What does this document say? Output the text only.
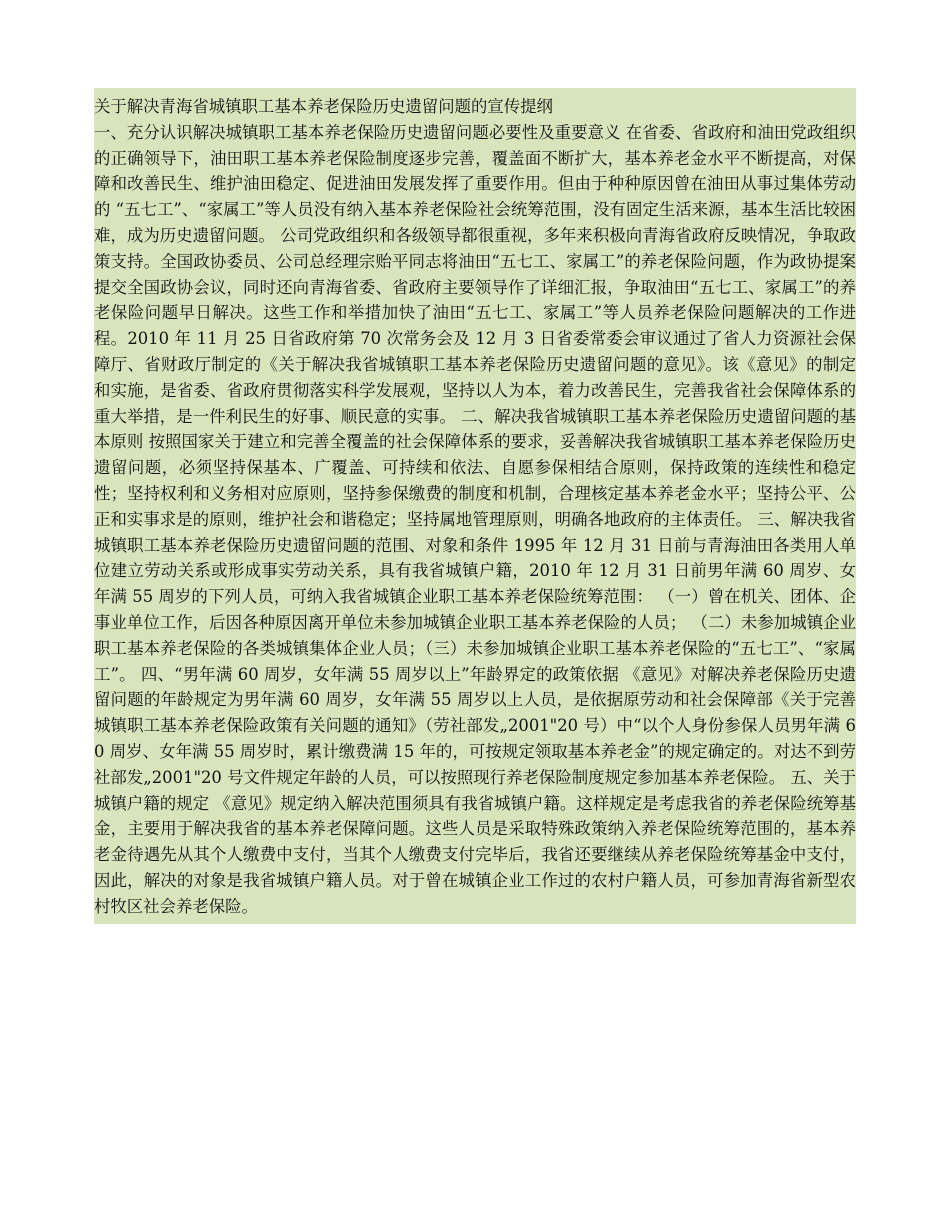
关于解决青海省城镇职工基本养老保险历史遗留问题的宣传提纲
一、充分认识解决城镇职工基本养老保险历史遗留问题必要性及重要意义 在省委、省政府和油田党政组织的正确领导下，油田职工基本养老保险制度逐步完善，覆盖面不断扩大，基本养老金水平不断提高，对保障和改善民生、维护油田稳定、促进油田发展发挥了重要作用。但由于种种原因曾在油田从事过集体劳动的 “五七工”、“家属工”等人员没有纳入基本养老保险社会统筹范围，没有固定生活来源，基本生活比较困难，成为历史遗留问题。 公司党政组织和各级领导都很重视，多年来积极向青海省政府反映情况，争取政策支持。全国政协委员、公司总经理宗贻平同志将油田“五七工、家属工”的养老保险问题，作为政协提案提交全国政协会议，同时还向青海省委、省政府主要领导作了详细汇报，争取油田“五七工、家属工”的养老保险问题早日解决。这些工作和举措加快了油田“五七工、家属工”等人员养老保险问题解决的工作进程。2010 年 11 月 25 日省政府第 70 次常务会及 12 月 3 日省委常委会审议通过了省人力资源社会保障厅、省财政厅制定的《关于解决我省城镇职工基本养老保险历史遗留问题的意见》。该《意见》的制定和实施，是省委、省政府贯彻落实科学发展观，坚持以人为本，着力改善民生，完善我省社会保障体系的重大举措，是一件利民生的好事、顺民意的实事。 二、解决我省城镇职工基本养老保险历史遗留问题的基本原则 按照国家关于建立和完善全覆盖的社会保障体系的要求，妥善解决我省城镇职工基本养老保险历史遗留问题，必须坚持保基本、广覆盖、可持续和依法、自愿参保相结合原则，保持政策的连续性和稳定性；坚持权利和义务相对应原则，坚持参保缴费的制度和机制，合理核定基本养老金水平；坚持公平、公正和实事求是的原则，维护社会和谐稳定；坚持属地管理原则，明确各地政府的主体责任。 三、解决我省城镇职工基本养老保险历史遗留问题的范围、对象和条件 1995 年 12 月 31 日前与青海油田各类用人单位建立劳动关系或形成事实劳动关系，具有我省城镇户籍，2010 年 12 月 31 日前男年满 60 周岁、女年满 55 周岁的下列人员，可纳入我省城镇企业职工基本养老保险统筹范围： （一）曾在机关、团体、企事业单位工作，后因各种原因离开单位未参加城镇企业职工基本养老保险的人员； （二）未参加城镇企业职工基本养老保险的各类城镇集体企业人员；（三）未参加城镇企业职工基本养老保险的“五七工”、“家属工”。 四、“男年满 60 周岁，女年满 55 周岁以上”年龄界定的政策依据 《意见》对解决养老保险历史遗留问题的年龄规定为男年满 60 周岁，女年满 55 周岁以上人员，是依据原劳动和社会保障部《关于完善城镇职工基本养老保险政策有关问题的通知》（劳社部发„2001"20 号）中“以个人身份参保人员男年满 60 周岁、女年满 55 周岁时，累计缴费满 15 年的，可按规定领取基本养老金”的规定确定的。对达不到劳社部发„2001"20 号文件规定年龄的人员，可以按照现行养老保险制度规定参加基本养老保险。 五、关于城镇户籍的规定 《意见》规定纳入解决范围须具有我省城镇户籍。这样规定是考虑我省的养老保险统筹基金，主要用于解决我省的基本养老保障问题。这些人员是采取特殊政策纳入养老保险统筹范围的，基本养老金待遇先从其个人缴费中支付，当其个人缴费支付完毕后，我省还要继续从养老保险统筹基金中支付，因此，解决的对象是我省城镇户籍人员。对于曾在城镇企业工作过的农村户籍人员，可参加青海省新型农村牧区社会养老保险。
